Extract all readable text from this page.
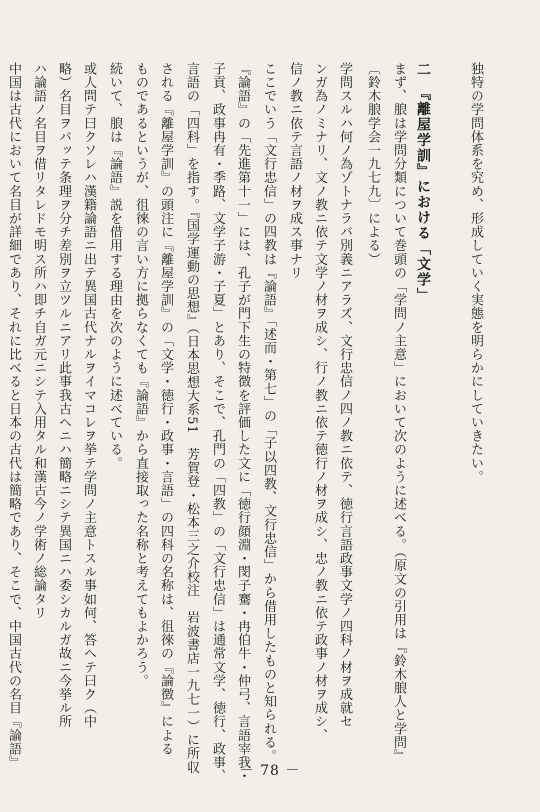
独特の学問体系を究め、形成していく実態を明らかにしていきたい。
二　『離屋学訓』における「文学」
まず、朖は学問分類について巻頭の「学問ノ主意」において次のように述べる。（原文の引用は『鈴木朖人と学問』
〔鈴木朖学会一九七九〕による）
学問スルハ何ノ為ゾトナラバ別義ニアラズ、文行忠信ノ四ノ教ニ依テ、徳行言語政事文学ノ四科ノ材ヲ成就セ
ンガ為ノミナリ、文ノ教ニ依テ文学ノ材ヲ成シ、行ノ教ニ依テ徳行ノ材ヲ成シ、忠ノ教ニ依テ政事ノ材ヲ成シ、
信ノ教ニ依テ言語ノ材ヲ成ス事ナリ
ここでいう「文行忠信」の四教は『論語』「述而・第七」の「子以四教、文行忠信」から借用したものと知られる。
『論語』の「先進第十一」には、孔子が門下生の特徴を評価した文に「徳行顔淵・閔子騫・冉伯牛・仲弓、言語宰我・
子貢、政事冉有・季路、文学子游・子夏」とあり、そこで、孔門の「四教」の「文行忠信」は通常文学、徳行、政事、
言語の「四科」を指す。『国学運動の思想』（日本思想大系51　芳賀登・松本三之介校注　岩波書店一九七一）に所収
される『離屋学訓』の頭注に『離屋学訓』の「文学・徳行・政事・言語」の四科の名称は、徂徠の『論徴』による
ものであるというが、徂徠の言い方に拠らなくても『論語』から直接取った名称と考えてもよかろう。
続いて、朖は『論語』説を借用する理由を次のように述べている。
或人問テ曰クソレハ漢籍論語ニ出テ異国古代ナルヲイマコレヲ挙テ学問ノ主意トスル事如何、答ヘテ曰ク（中
略）名目ヲバッテ条理ヲ分チ差別ヲ立ツルニアリ此事我古ヘニハ簡略ニシテ異国ニハ委シカルガ故ニ今挙ル所
ハ論語ノ名目ヲ借リタレドモ明ス所ハ即チ自ガ元ニシテ入用タル和漢古今ノ学術ノ総論タリ
中国は古代において名目が詳細であり、それに比べると日本の古代は簡略であり、そこで、中国古代の名目『論語』
－ 78 －
